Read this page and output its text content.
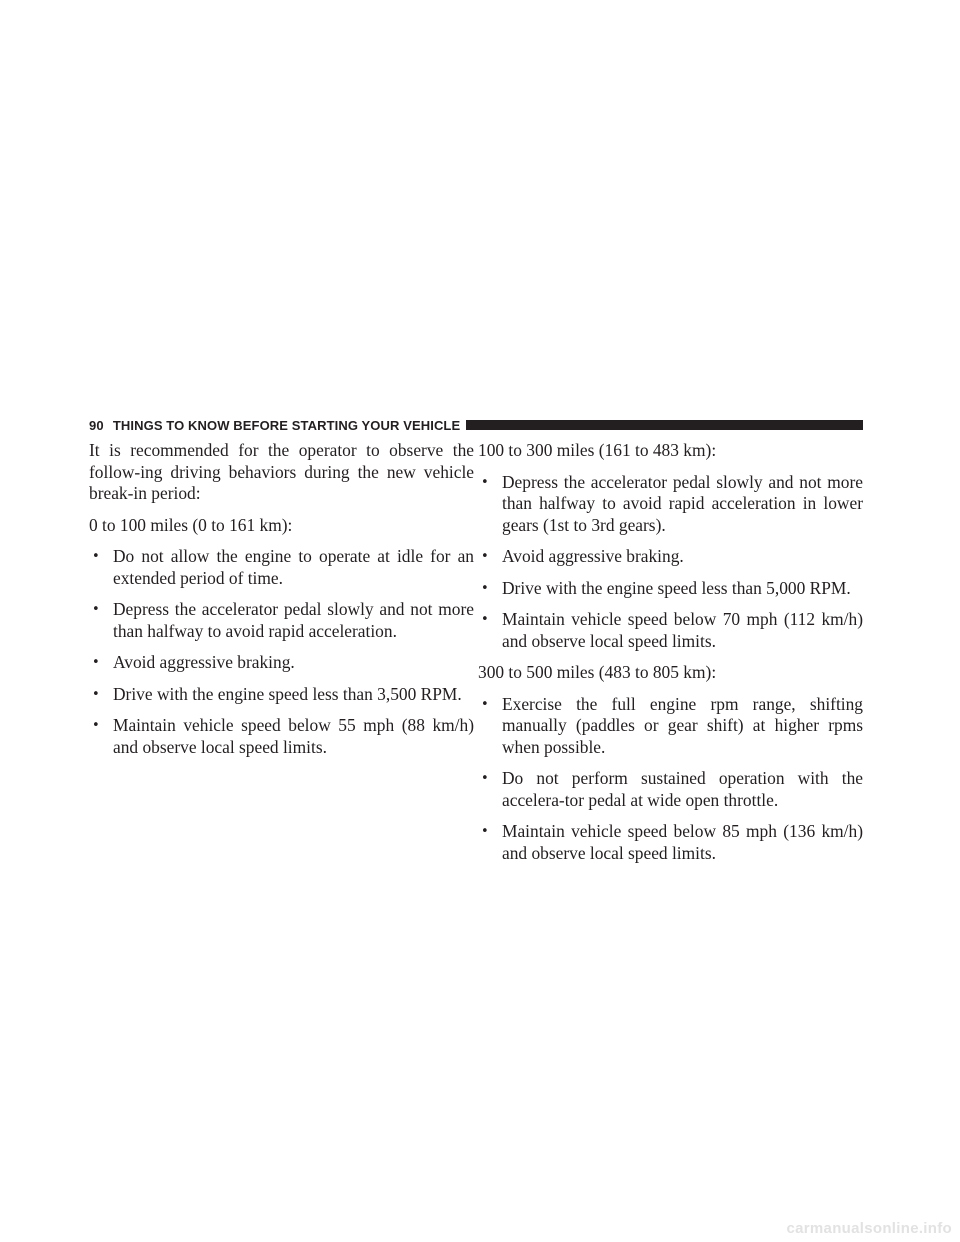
90 THINGS TO KNOW BEFORE STARTING YOUR VEHICLE

It is recommended for the operator to observe the follow-ing driving behaviors during the new vehicle break-in period:

0 to 100 miles (0 to 161 km):

• Do not allow the engine to operate at idle for an extended period of time.
• Depress the accelerator pedal slowly and not more than halfway to avoid rapid acceleration.
• Avoid aggressive braking.
• Drive with the engine speed less than 3,500 RPM.
• Maintain vehicle speed below 55 mph (88 km/h) and observe local speed limits.

100 to 300 miles (161 to 483 km):

• Depress the accelerator pedal slowly and not more than halfway to avoid rapid acceleration in lower gears (1st to 3rd gears).
• Avoid aggressive braking.
• Drive with the engine speed less than 5,000 RPM.
• Maintain vehicle speed below 70 mph (112 km/h) and observe local speed limits.

300 to 500 miles (483 to 805 km):

• Exercise the full engine rpm range, shifting manually (paddles or gear shift) at higher rpms when possible.
• Do not perform sustained operation with the accelera-tor pedal at wide open throttle.
• Maintain vehicle speed below 85 mph (136 km/h) and observe local speed limits.
carmanualsonline.info
